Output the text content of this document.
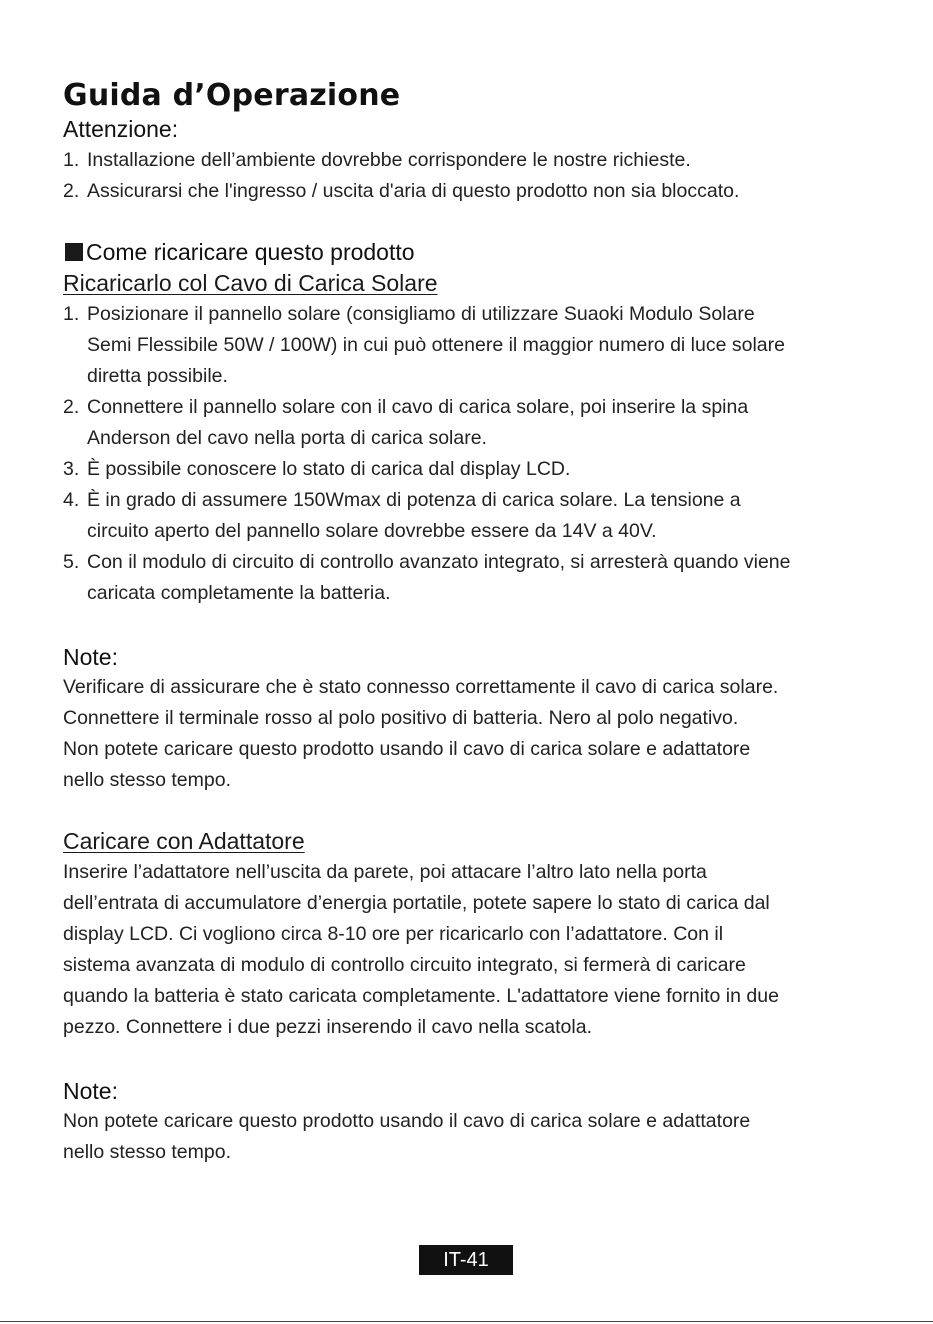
Guida d’Operazione
Attenzione:
1. Installazione dell’ambiente dovrebbe corrispondere le nostre richieste.
2. Assicurarsi che l'ingresso / uscita d'aria di questo prodotto non sia bloccato.
Come ricaricare questo prodotto
Ricaricarlo col Cavo di Carica Solare
1. Posizionare il pannello solare (consigliamo di utilizzare Suaoki Modulo Solare
Semi Flessibile 50W / 100W) in cui può ottenere il maggior numero di luce solare
diretta possibile.
2. Connettere il pannello solare con il cavo di carica solare, poi inserire la spina
Anderson del cavo nella porta di carica solare.
3. È possibile conoscere lo stato di carica dal display LCD.
4. È in grado di assumere 150Wmax di potenza di carica solare. La tensione a
circuito aperto del pannello solare dovrebbe essere da 14V a 40V.
5. Con il modulo di circuito di controllo avanzato integrato, si arresterà quando viene
caricata completamente la batteria.
Note:

Verificare di assicurare che è stato connesso correttamente il cavo di carica solare.

Connettere il terminale rosso al polo positivo di batteria. Nero al polo negativo.

Non potete caricare questo prodotto usando il cavo di carica solare e adattatore

nello stesso tempo.

Caricare con Adattatore

Inserire l’adattatore nell’uscita da parete, poi attacare l’altro lato nella porta

dell’entrata di accumulatore d’energia portatile, potete sapere lo stato di carica dal

display LCD. Ci vogliono circa 8-10 ore per ricaricarlo con l’adattatore. Con il

sistema avanzata di modulo di controllo circuito integrato, si fermerà di caricare

quando la batteria è stato caricata completamente. L'adattatore viene fornito in due

pezzo. Connettere i due pezzi inserendo il cavo nella scatola.

Note:

Non potete caricare questo prodotto usando il cavo di carica solare e adattatore

nello stesso tempo.

IT-41
